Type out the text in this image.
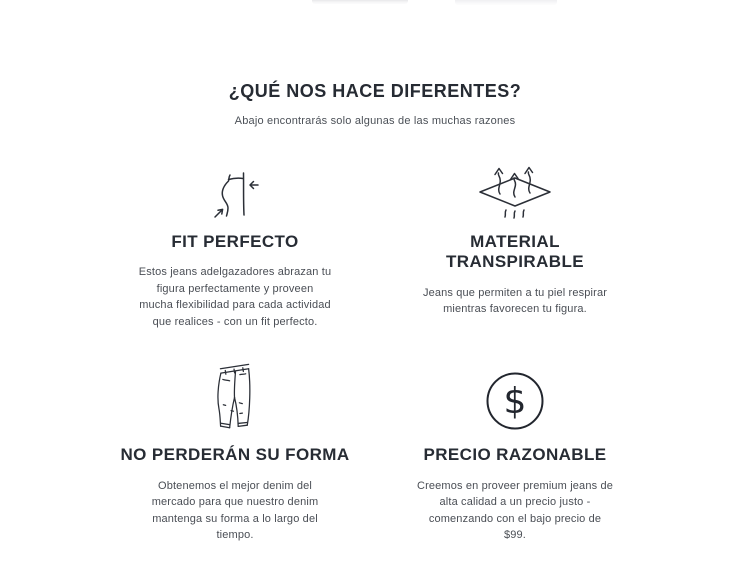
¿QUÉ NOS HACE DIFERENTES?

Abajo encontrarás solo algunas de las muchas razones

FIT PERFECTO

Estos jeans adelgazadores abrazan tu
figura perfectamente y proveen
mucha flexibilidad para cada actividad
que realices - con un fit perfecto.

MATERIAL
TRANSPIRABLE

Jeans que permiten a tu piel respirar
mientras favorecen tu figura.

NO PERDERÁN SU FORMA

Obtenemos el mejor denim del
mercado para que nuestro denim
mantenga su forma a lo largo del
tiempo.

$
PRECIO RAZONABLE

Creemos en proveer premium jeans de
alta calidad a un precio justo -
comenzando con el bajo precio de
$99.
